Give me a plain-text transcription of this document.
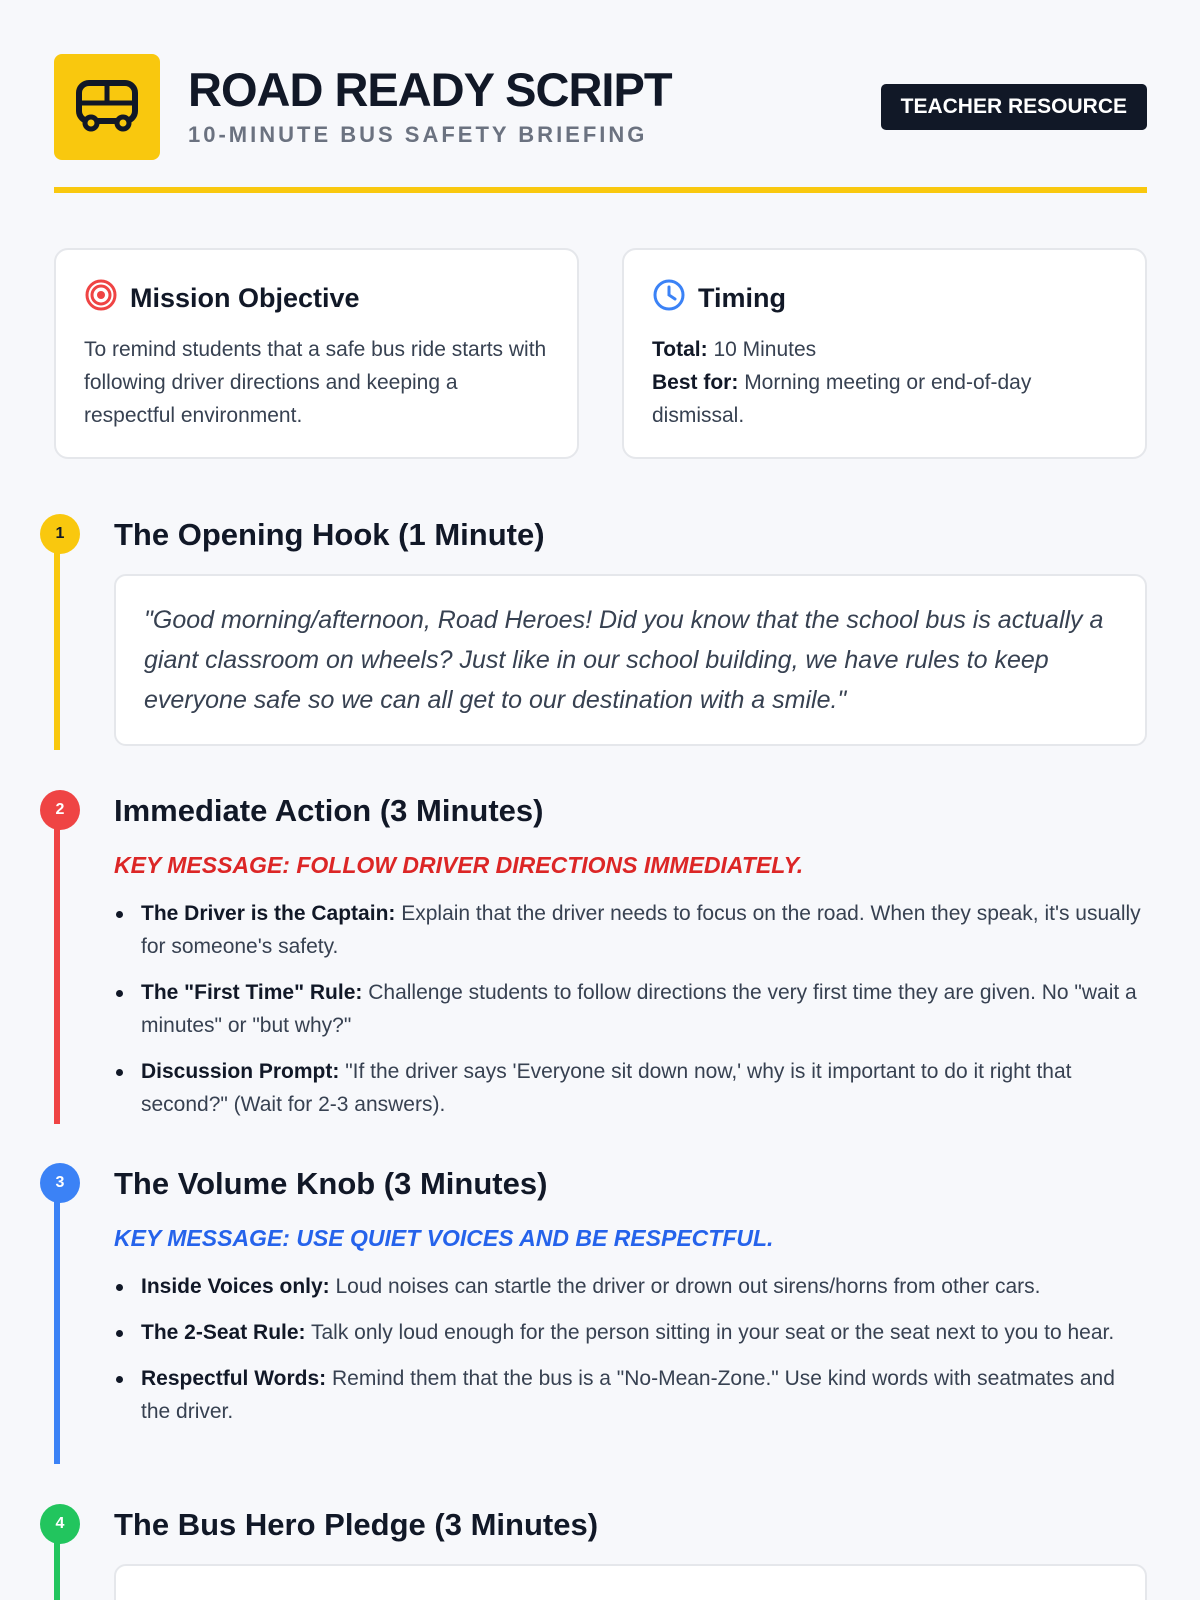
ROAD READY SCRIPT
10-MINUTE BUS SAFETY BRIEFING
TEACHER RESOURCE
Mission Objective

To remind students that a safe bus ride starts with following driver directions and keeping a respectful environment.

Timing

Total: 10 Minutes
Best for: Morning meeting or end-of-day dismissal.

1	The Opening Hook (1 Minute)
"Good morning/afternoon, Road Heroes! Did you know that the school bus is actually a giant classroom on wheels? Just like in our school building, we have rules to keep everyone safe so we can all get to our destination with a smile."
2	Immediate Action (3 Minutes)
KEY MESSAGE: FOLLOW DRIVER DIRECTIONS IMMEDIATELY.
The Driver is the Captain: Explain that the driver needs to focus on the road. When they speak, it's usually for someone's safety.
The "First Time" Rule: Challenge students to follow directions the very first time they are given. No "wait a minutes" or "but why?"
Discussion Prompt: "If the driver says 'Everyone sit down now,' why is it important to do it right that second?" (Wait for 2-3 answers).
3	The Volume Knob (3 Minutes)
KEY MESSAGE: USE QUIET VOICES AND BE RESPECTFUL.
Inside Voices only: Loud noises can startle the driver or drown out sirens/horns from other cars.
The 2-Seat Rule: Talk only loud enough for the person sitting in your seat or the seat next to you to hear.
Respectful Words: Remind them that the bus is a "No-Mean-Zone." Use kind words with seatmates and the driver.
4	The Bus Hero Pledge (3 Minutes)
